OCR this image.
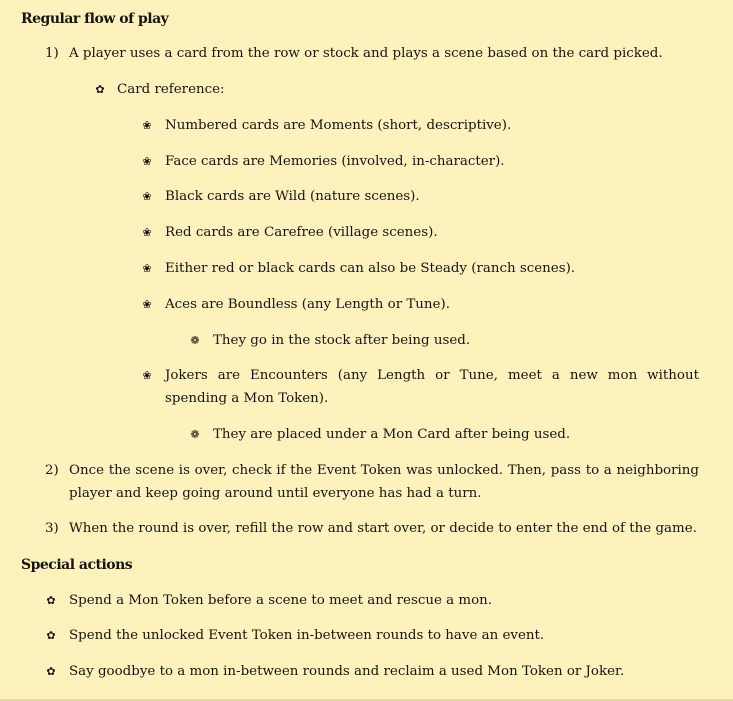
Regular flow of play
1) A player uses a card from the row or stock and plays a scene based on the card picked.
✿ Card reference:
❀ Numbered cards are Moments (short, descriptive).
❀ Face cards are Memories (involved, in-character).
❀ Black cards are Wild (nature scenes).
❀ Red cards are Carefree (village scenes).
❀ Either red or black cards can also be Steady (ranch scenes).
❀ Aces are Boundless (any Length or Tune).
❁ They go in the stock after being used.
❀ Jokers are Encounters (any Length or Tune, meet a new mon without spending a Mon Token).
❁ They are placed under a Mon Card after being used.
2) Once the scene is over, check if the Event Token was unlocked. Then, pass to a neighboring player and keep going around until everyone has had a turn.
3) When the round is over, refill the row and start over, or decide to enter the end of the game.
Special actions
✿ Spend a Mon Token before a scene to meet and rescue a mon.
✿ Spend the unlocked Event Token in-between rounds to have an event.
✿ Say goodbye to a mon in-between rounds and reclaim a used Mon Token or Joker.
